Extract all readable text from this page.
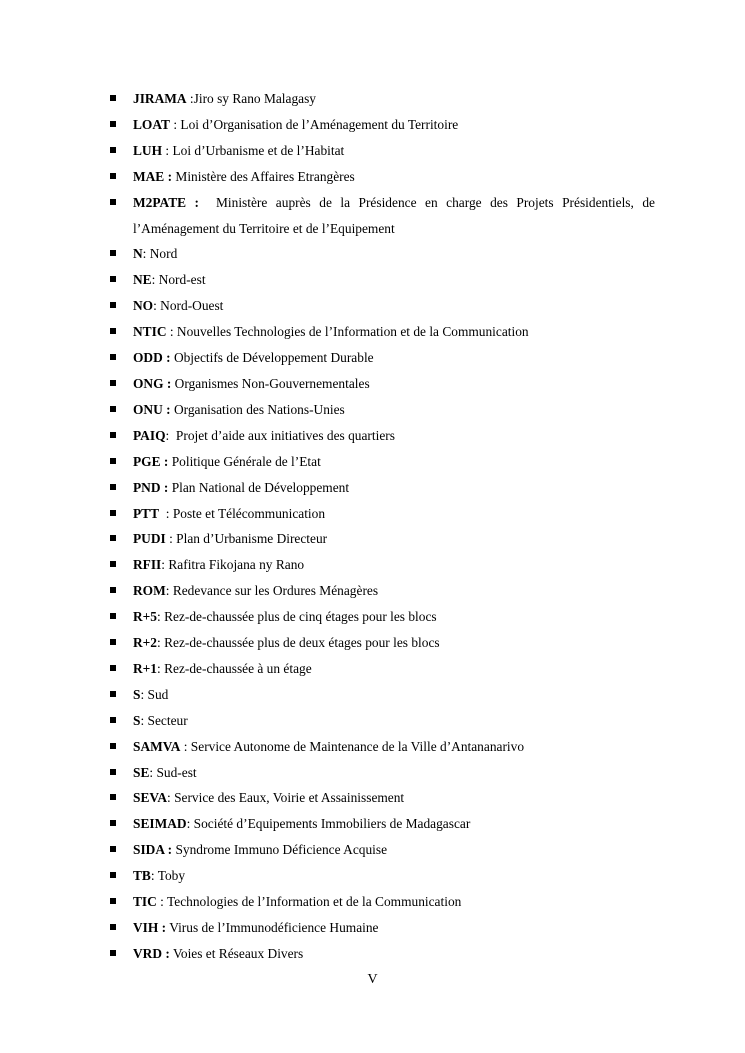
JIRAMA :Jiro sy Rano Malagasy
LOAT : Loi d’Organisation de l’Aménagement du Territoire
LUH : Loi d’Urbanisme et de l’Habitat
MAE : Ministère des Affaires Etrangères
M2PATE : Ministère auprès de la Présidence en charge des Projets Présidentiels, de l’Aménagement du Territoire et de l’Equipement
N: Nord
NE: Nord-est
NO: Nord-Ouest
NTIC : Nouvelles Technologies de l’Information et de la Communication
ODD : Objectifs de Développement Durable
ONG : Organismes Non-Gouvernementales
ONU : Organisation des Nations-Unies
PAIQ:  Projet d’aide aux initiatives des quartiers
PGE : Politique Générale de l’Etat
PND : Plan National de Développement
PTT  : Poste et Télécommunication
PUDI : Plan d’Urbanisme Directeur
RFII: Rafitra Fikojana ny Rano
ROM: Redevance sur les Ordures Ménagères
R+5: Rez-de-chaussée plus de cinq étages pour les blocs
R+2: Rez-de-chaussée plus de deux étages pour les blocs
R+1: Rez-de-chaussée à un étage
S: Sud
S: Secteur
SAMVA : Service Autonome de Maintenance de la Ville d’Antananarivo
SE: Sud-est
SEVA: Service des Eaux, Voirie et Assainissement
SEIMAD: Société d’Equipements Immobiliers de Madagascar
SIDA : Syndrome Immuno Déficience Acquise
TB: Toby
TIC : Technologies de l’Information et de la Communication
VIH : Virus de l’Immunodéficience Humaine
VRD : Voies et Réseaux Divers
V
